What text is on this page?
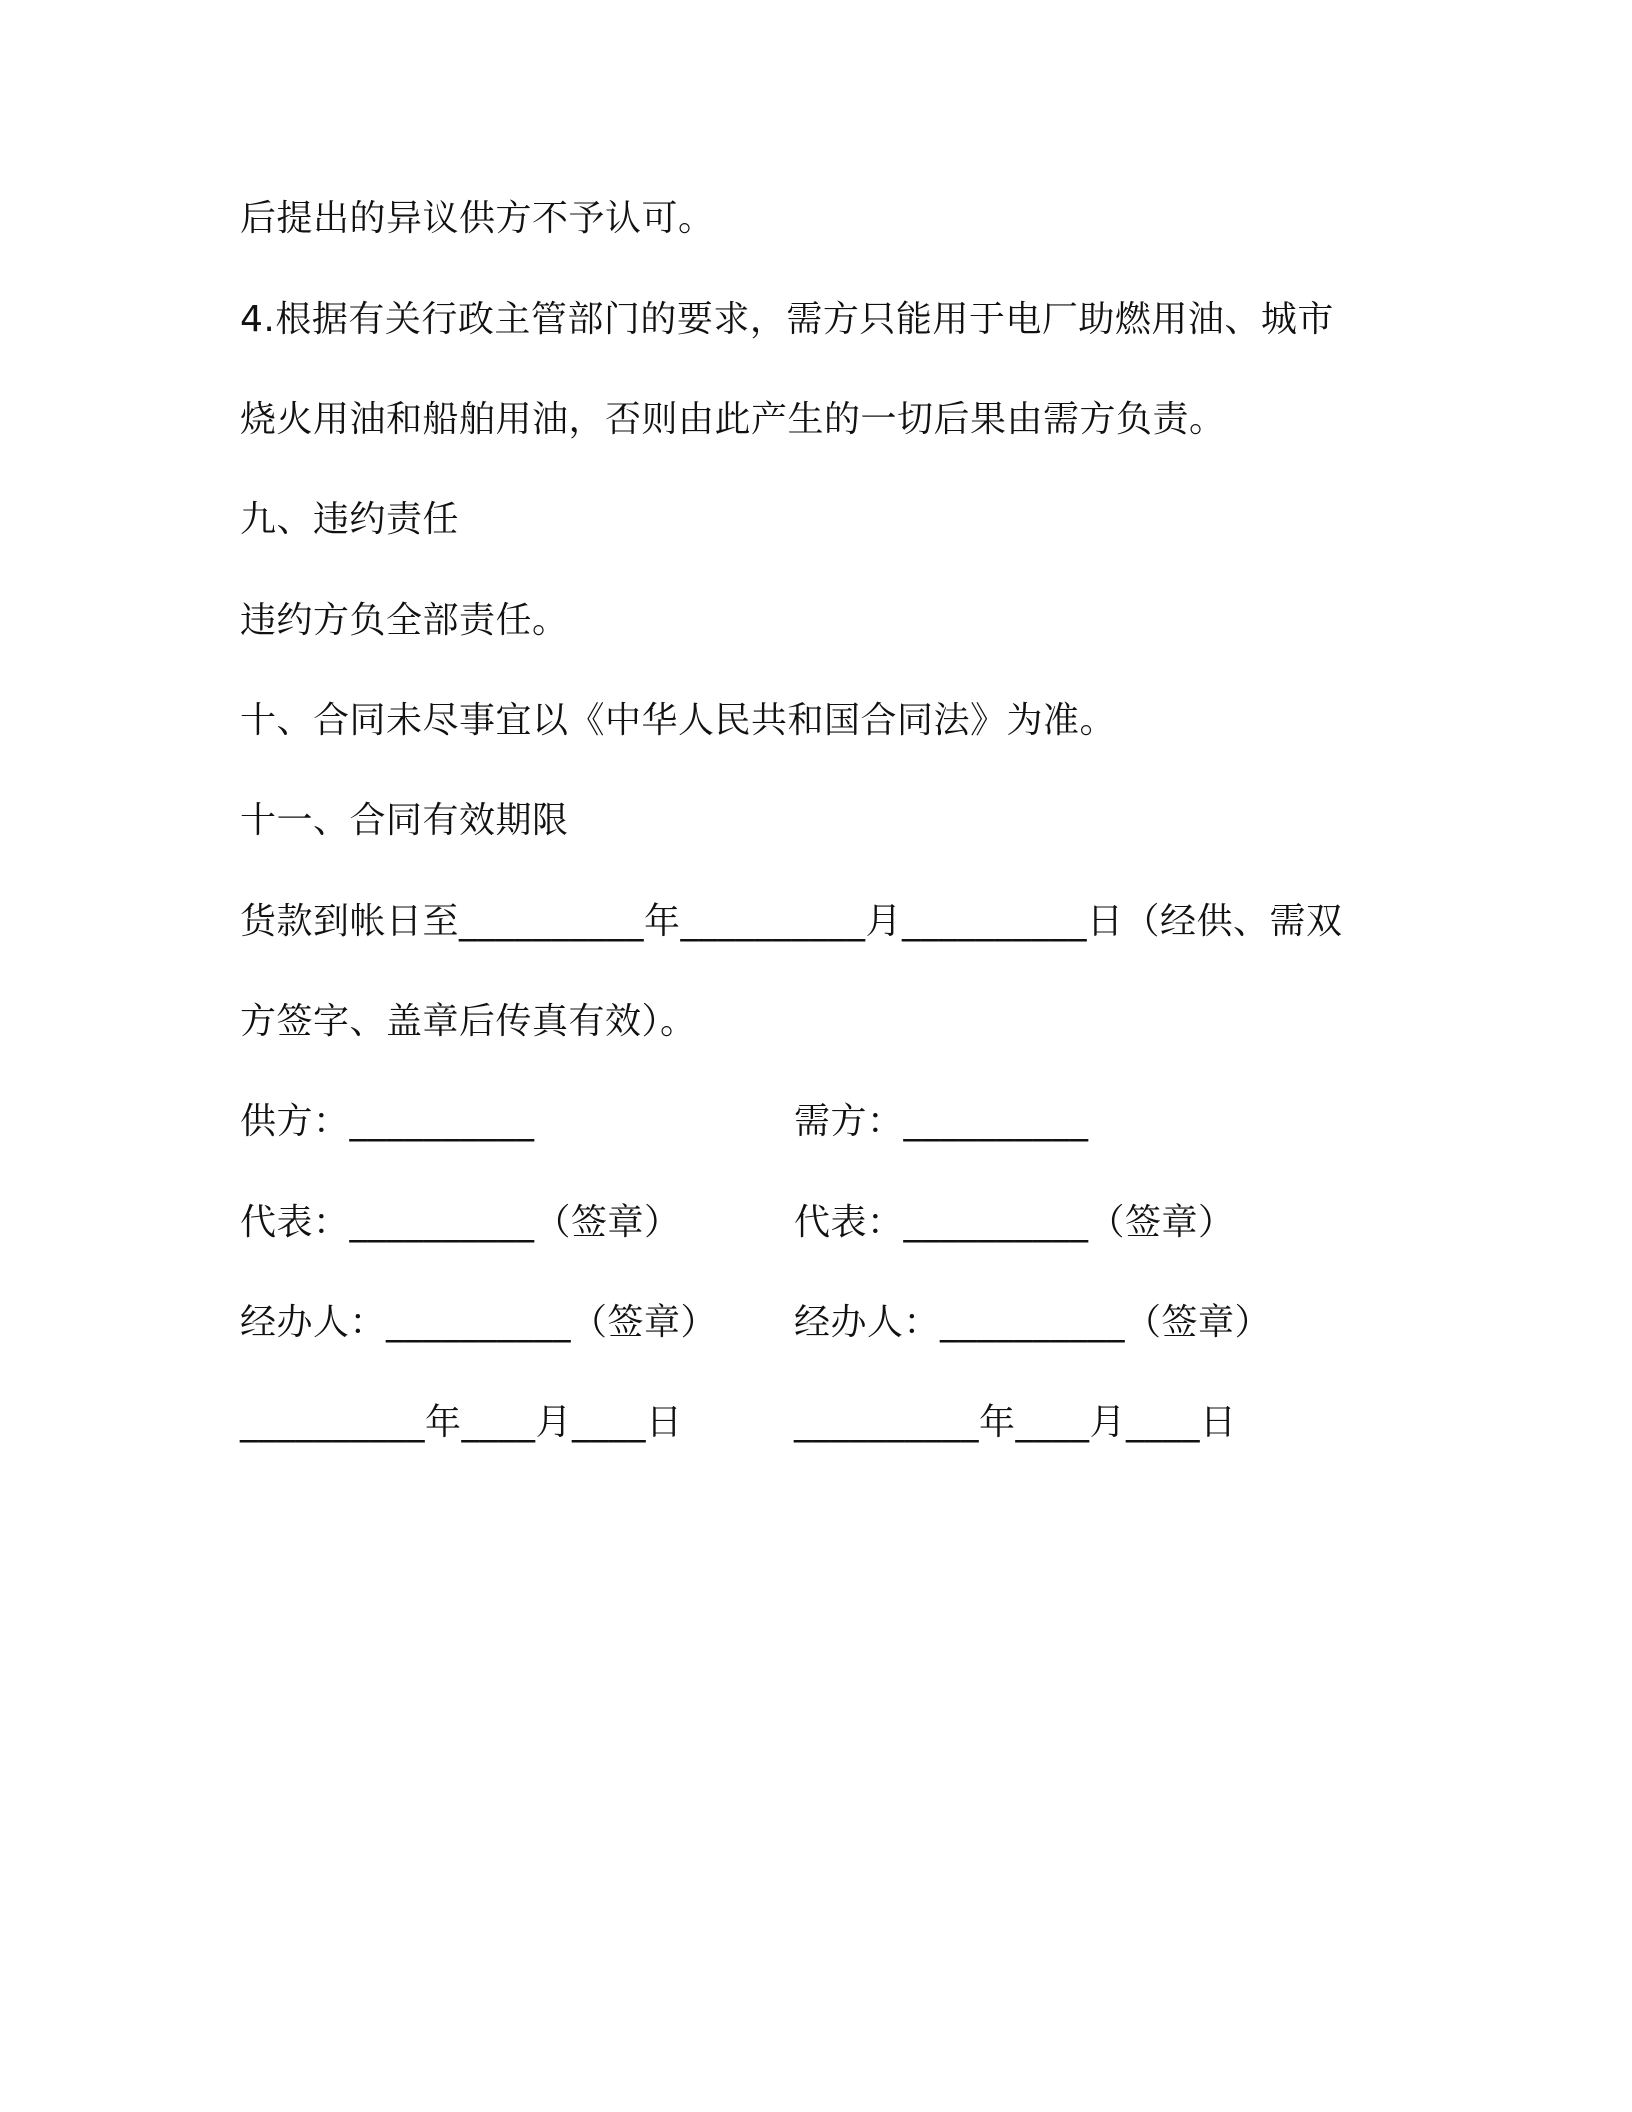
后提出的异议供方不予认可。
4.根据有关行政主管部门的要求，需方只能用于电厂助燃用油、城市
烧火用油和船舶用油，否则由此产生的一切后果由需方负责。
九、违约责任
违约方负全部责任。
十、合同未尽事宜以《中华人民共和国合同法》为准。
十一、合同有效期限
货款到帐日至__________年__________月__________日（经供、需双
方签字、盖章后传真有效）。
供方：__________	需方：__________
代表：__________（签章）	代表：__________（签章）
经办人：__________（签章） 经办人：__________（签章）
__________年____月____日	__________年____月____日
